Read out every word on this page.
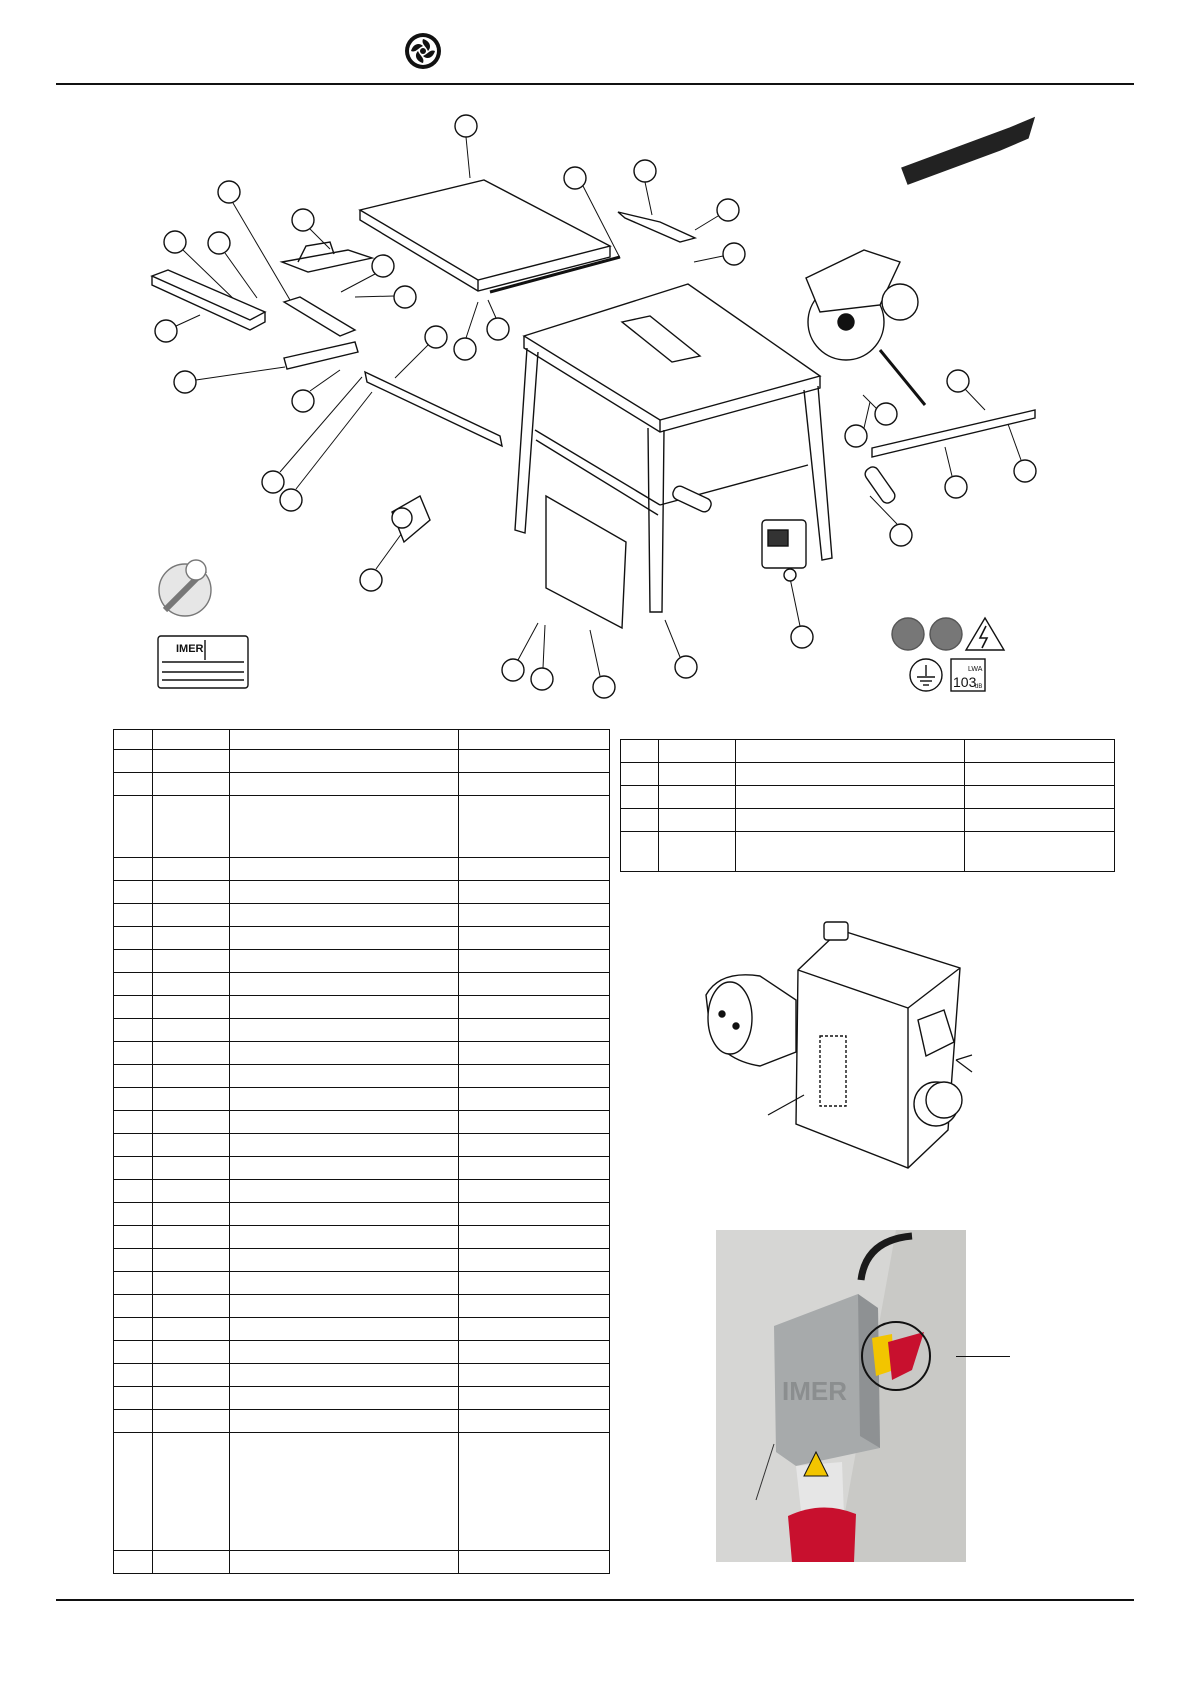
LWA
103
dB
IMER

IMER
